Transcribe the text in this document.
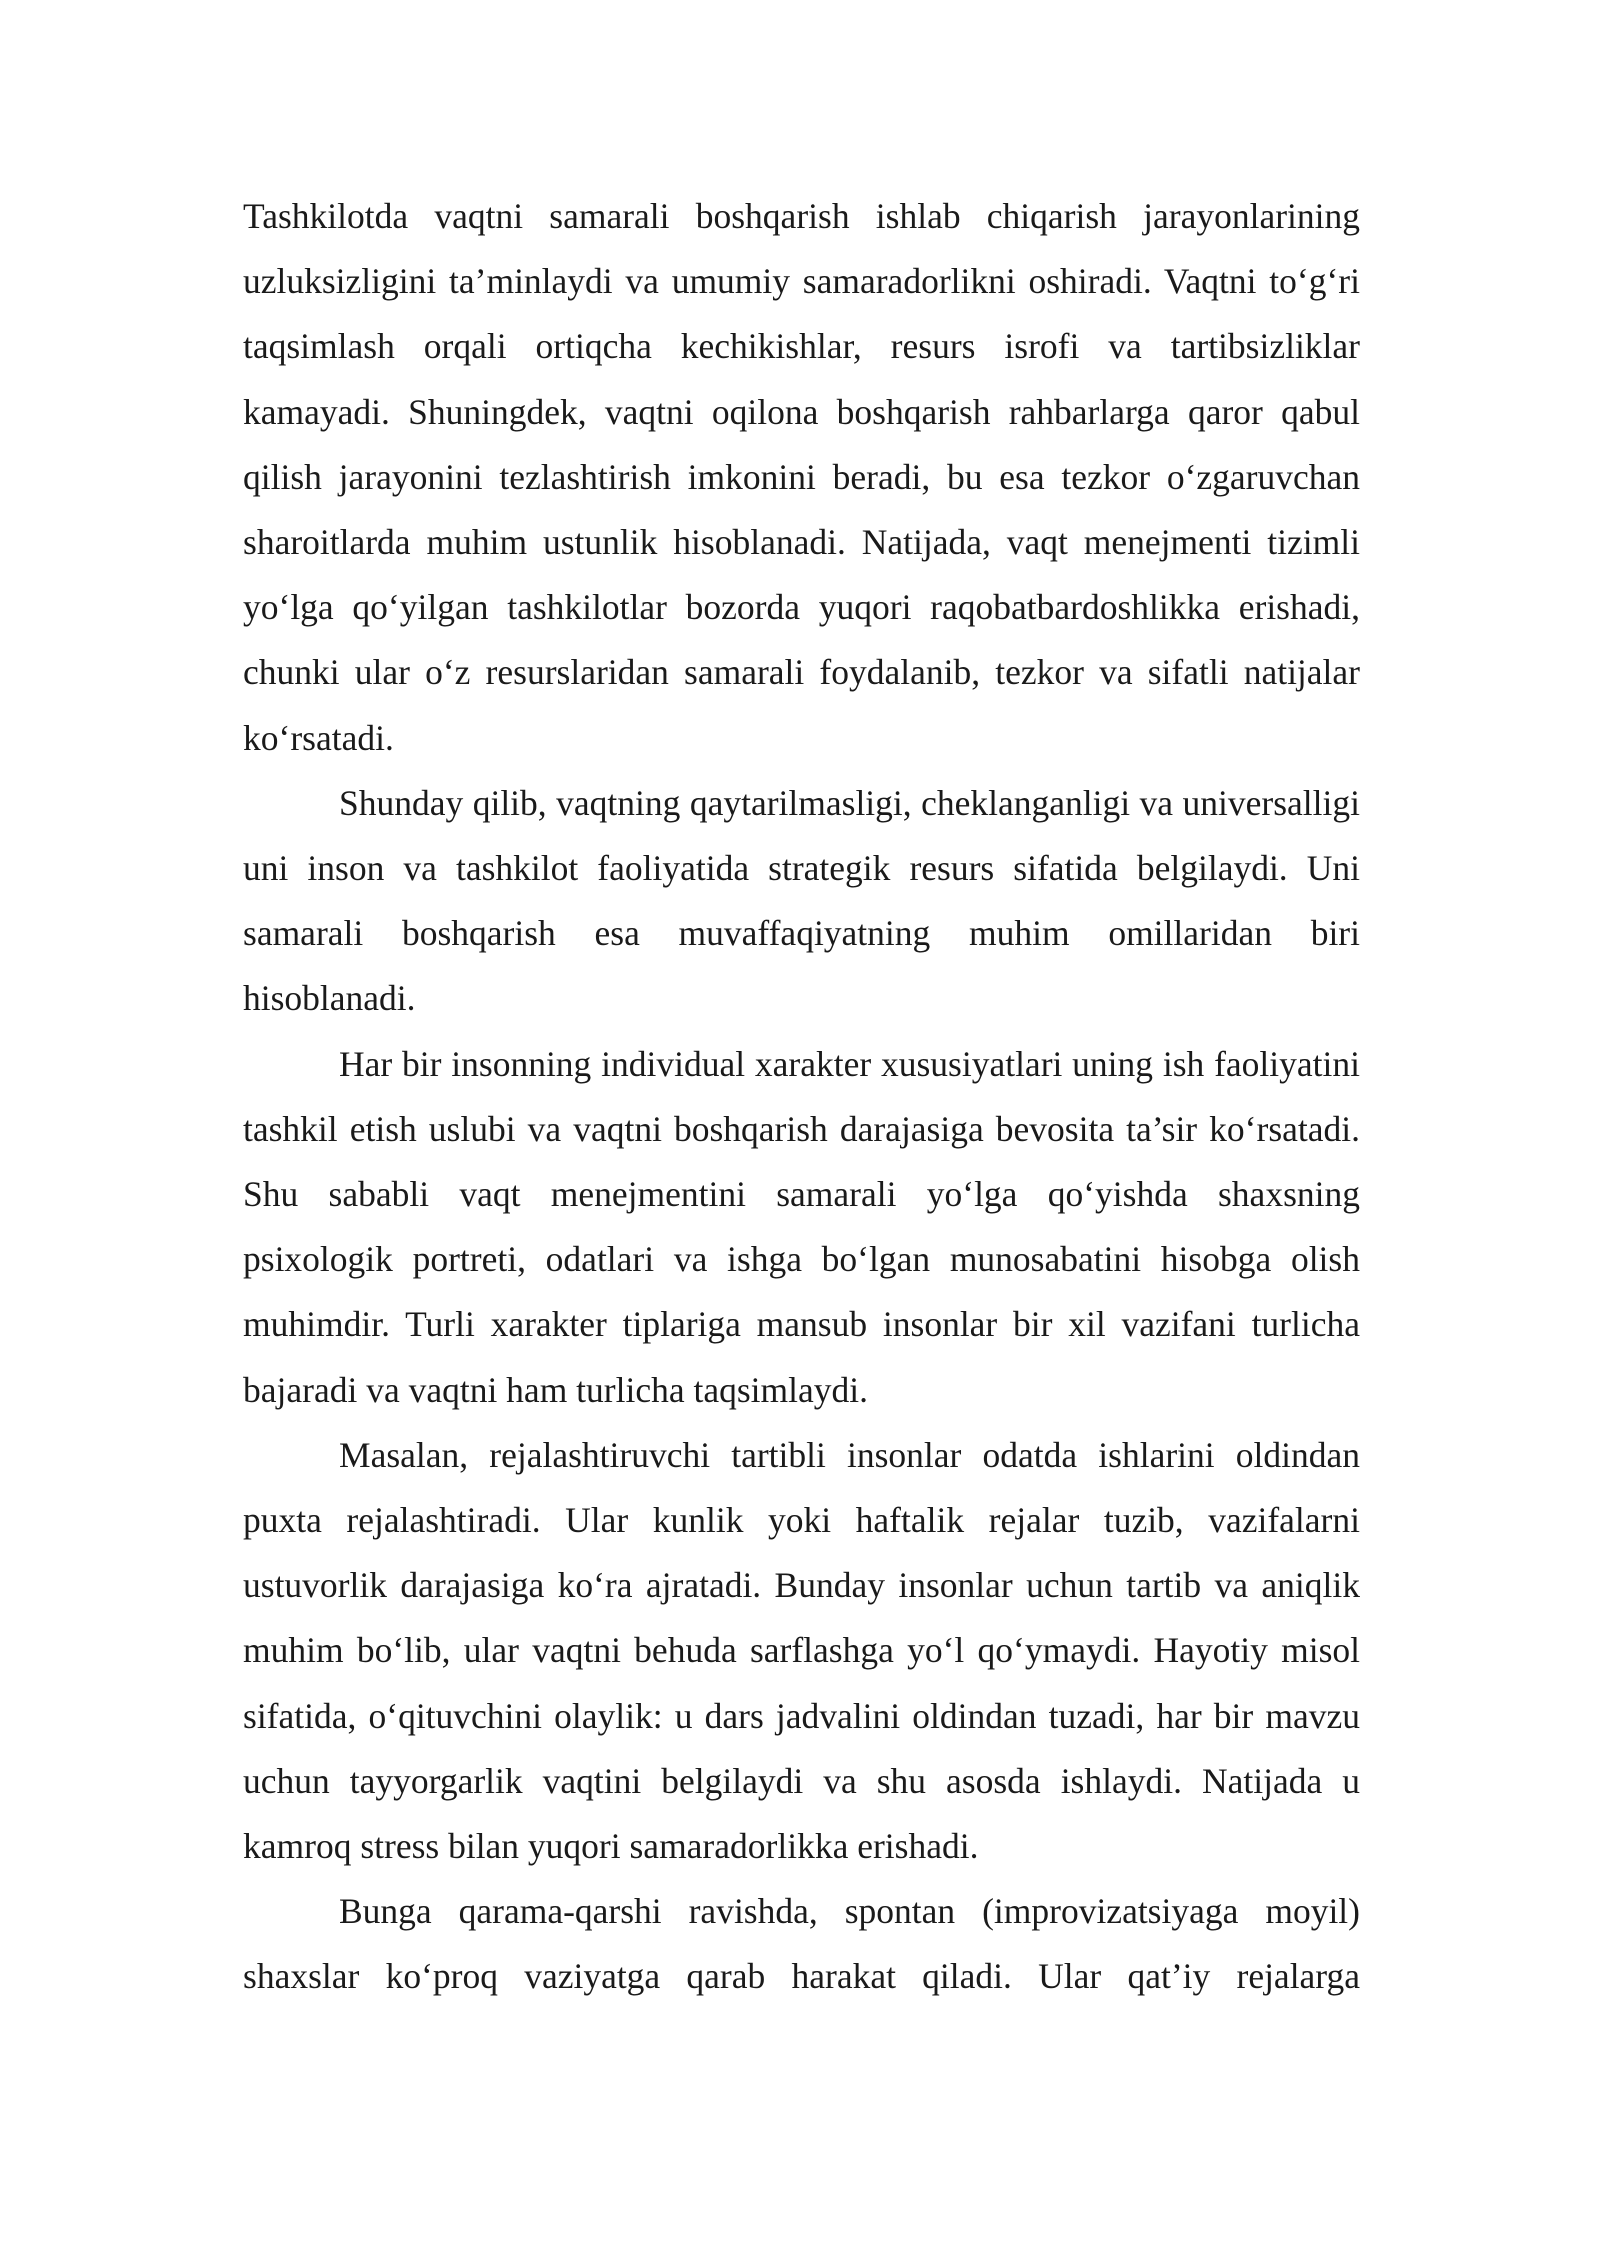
Tashkilotda vaqtni samarali boshqarish ishlab chiqarish jarayonlarining uzluksizligini ta’minlaydi va umumiy samaradorlikni oshiradi. Vaqtni to‘g‘ri taqsimlash orqali ortiqcha kechikishlar, resurs isrofi va tartibsizliklar kamayadi. Shuningdek, vaqtni oqilona boshqarish rahbarlarga qaror qabul qilish jarayonini tezlashtirish imkonini beradi, bu esa tezkor o‘zgaruvchan sharoitlarda muhim ustunlik hisoblanadi. Natijada, vaqt menejmenti tizimli yo‘lga qo‘yilgan tashkilotlar bozorda yuqori raqobatbardoshlikka erishadi, chunki ular o‘z resurslaridan samarali foydalanib, tezkor va sifatli natijalar ko‘rsatadi.

Shunday qilib, vaqtning qaytarilmasligi, cheklanganligi va universalligi uni inson va tashkilot faoliyatida strategik resurs sifatida belgilaydi. Uni samarali boshqarish esa muvaffaqiyatning muhim omillaridan biri hisoblanadi.

Har bir insonning individual xarakter xususiyatlari uning ish faoliyatini tashkil etish uslubi va vaqtni boshqarish darajasiga bevosita ta’sir ko‘rsatadi. Shu sababli vaqt menejmentini samarali yo‘lga qo‘yishda shaxsning psixologik portreti, odatlari va ishga bo‘lgan munosabatini hisobga olish muhimdir. Turli xarakter tiplariga mansub insonlar bir xil vazifani turlicha bajaradi va vaqtni ham turlicha taqsimlaydi.

Masalan, rejalashtiruvchi tartibli insonlar odatda ishlarini oldindan puxta rejalashtiradi. Ular kunlik yoki haftalik rejalar tuzib, vazifalarni ustuvorlik darajasiga ko‘ra ajratadi. Bunday insonlar uchun tartib va aniqlik muhim bo‘lib, ular vaqtni behuda sarflashga yo‘l qo‘ymaydi. Hayotiy misol sifatida, o‘qituvchini olaylik: u dars jadvalini oldindan tuzadi, har bir mavzu uchun tayyorgarlik vaqtini belgilaydi va shu asosda ishlaydi. Natijada u kamroq stress bilan yuqori samaradorlikka erishadi.

Bunga qarama-qarshi ravishda, spontan (improvizatsiyaga moyil) shaxslar ko‘proq vaziyatga qarab harakat qiladi. Ular qat’iy rejalarga
